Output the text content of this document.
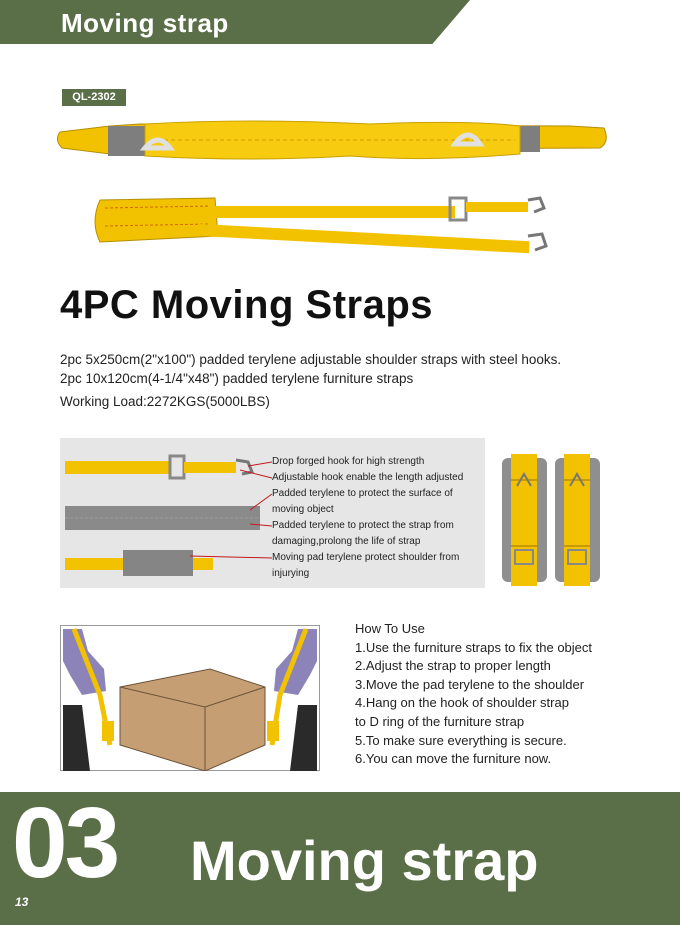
Moving strap
QL-2302
4PC Moving Straps
2pc 5x250cm(2"x100") padded terylene adjustable shoulder straps with steel hooks.
2pc 10x120cm(4-1/4"x48") padded terylene furniture straps
Working Load:2272KGS(5000LBS)
Drop forged hook for high strength
Adjustable hook enable the length adjusted
Padded terylene to protect the surface of moving object
Padded terylene to protect the strap from damaging,prolong the life of strap
Moving pad terylene protect shoulder from injurying
How To Use
1.Use the furniture straps to fix the object
2.Adjust the strap to proper length
3.Move the pad terylene to the shoulder
4.Hang on the hook of shoulder strap
to D ring of the furniture strap
5.To make sure everything is secure.
6.You can move the furniture now.
03 Moving strap
13
